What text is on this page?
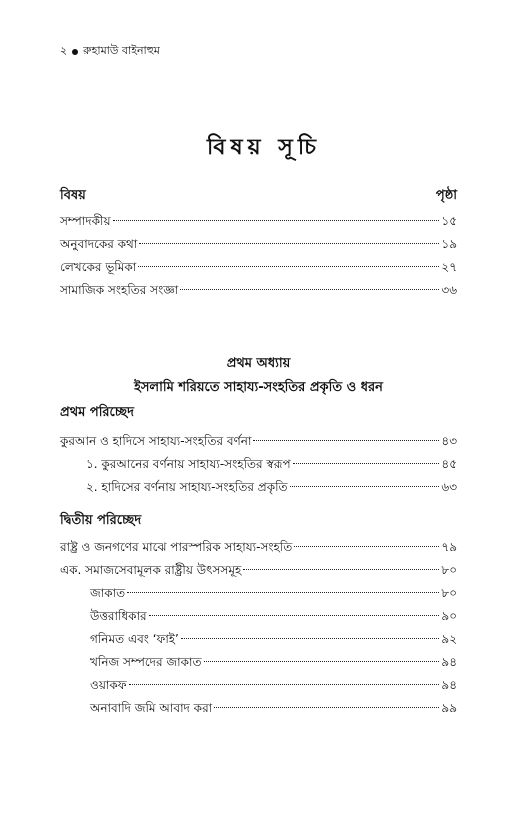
২ রুহামাউ বাইনাহুম
বিষয় সূচি
বিষয়	পৃষ্ঠা
সম্পাদকীয়	১৫
অনুবাদকের কথা	১৯
লেখকের ভূমিকা	২৭
সামাজিক সংহতির সংজ্ঞা	৩৬
প্রথম অধ্যায়
ইসলামি শরিয়তে সাহায্য-সংহতির প্রকৃতি ও ধরন
প্রথম পরিচ্ছেদ
কুরআন ও হাদিসে সাহায্য-সংহতির বর্ণনা	৪৩
১. কুরআনের বর্ণনায় সাহায্য-সংহতির স্বরূপ	৪৫
২. হাদিসের বর্ণনায় সাহায্য-সংহতির প্রকৃতি	৬৩
দ্বিতীয় পরিচ্ছেদ
রাষ্ট্র ও জনগণের মাঝে পারস্পরিক সাহায্য-সংহতি	৭৯
এক. সমাজসেবামূলক রাষ্ট্রীয় উৎসসমূহ	৮০
জাকাত	৮০
উত্তরাধিকার	৯০
গনিমত এবং ‘ফাই’	৯২
খনিজ সম্পদের জাকাত	৯৪
ওয়াকফ	৯৪
অনাবাদি জমি আবাদ করা	৯৯
